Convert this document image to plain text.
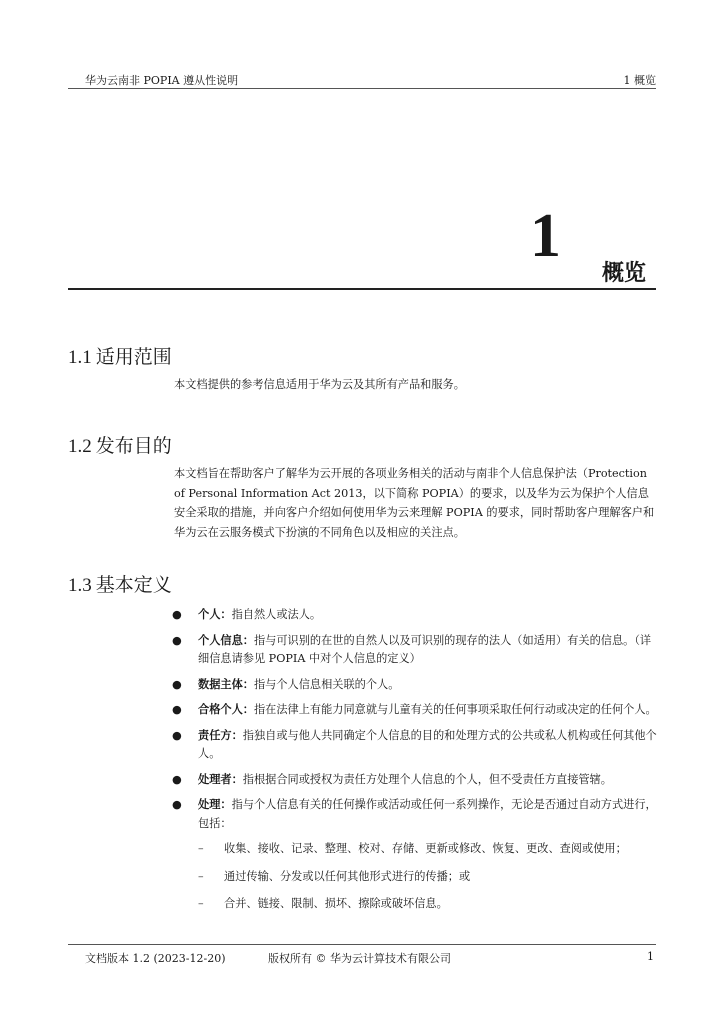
华为云南非 POPIA 遵从性说明	1 概览
1
概览
1.1 适用范围

本文档提供的参考信息适用于华为云及其所有产品和服务。

1.2 发布目的

本文档旨在帮助客户了解华为云开展的各项业务相关的活动与南非个人信息保护法（Protection of Personal Information Act 2013，以下简称 POPIA）的要求，以及华为云为保护个人信息安全采取的措施，并向客户介绍如何使用华为云来理解 POPIA 的要求，同时帮助客户理解客户和华为云在云服务模式下扮演的不同角色以及相应的关注点。

1.3 基本定义
● 个人：指自然人或法人。
● 个人信息：指与可识别的在世的自然人以及可识别的现存的法人（如适用）有关的信息。（详细信息请参见 POPIA 中对个人信息的定义）
● 数据主体：指与个人信息相关联的个人。
● 合格个人：指在法律上有能力同意就与儿童有关的任何事项采取任何行动或决定的任何个人。
● 责任方：指独自或与他人共同确定个人信息的目的和处理方式的公共或私人机构或任何其他个人。
● 处理者：指根据合同或授权为责任方处理个人信息的个人，但不受责任方直接管辖。
● 处理：指与个人信息有关的任何操作或活动或任何一系列操作，无论是否通过自动方式进行，包括：
– 收集、接收、记录、整理、校对、存储、更新或修改、恢复、更改、查阅或使用；
– 通过传输、分发或以任何其他形式进行的传播；或
– 合并、链接、限制、损坏、擦除或破坏信息。
文档版本 1.2 (2023-12-20)	版权所有 © 华为云计算技术有限公司	1
